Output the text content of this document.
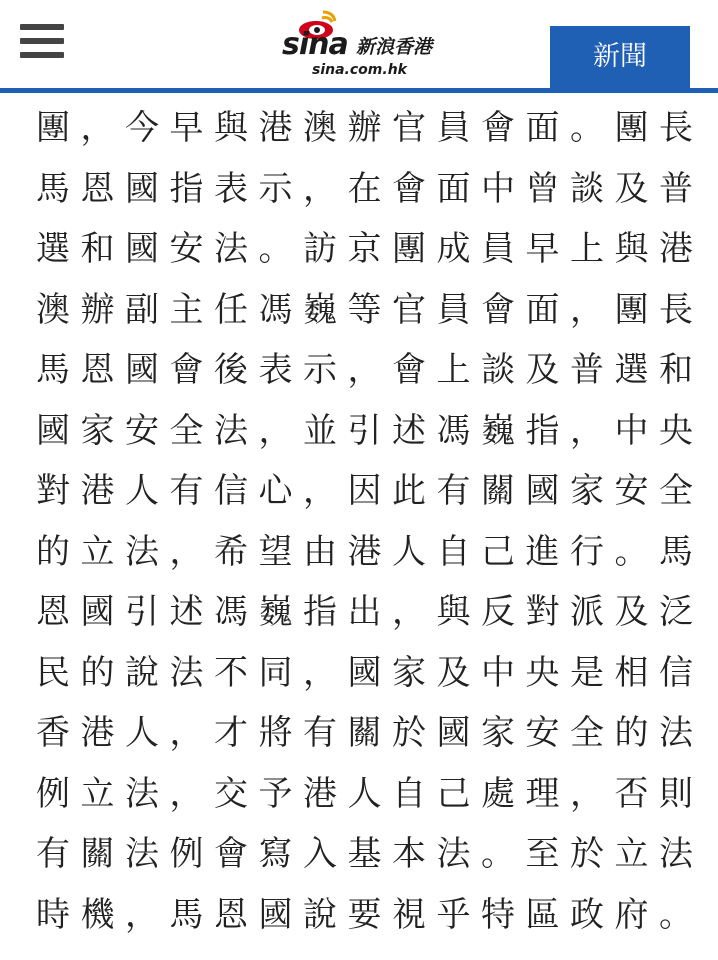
sina 新浪香港
sina.com.hk	新聞
團，今早與港澳辦官員會面。團長
馬恩國指表示，在會面中曾談及普
選和國安法。訪京團成員早上與港
澳辦副主任馮巍等官員會面，團長
馬恩國會後表示，會上談及普選和
國家安全法，並引述馮巍指，中央
對港人有信心，因此有關國家安全
的立法，希望由港人自己進行。馬
恩國引述馮巍指出，與反對派及泛
民的說法不同，國家及中央是相信
香港人，才將有關於國家安全的法
例立法，交予港人自己處理，否則
有關法例會寫入基本法。至於立法
時機，馬恩國說要視乎特區政府。
